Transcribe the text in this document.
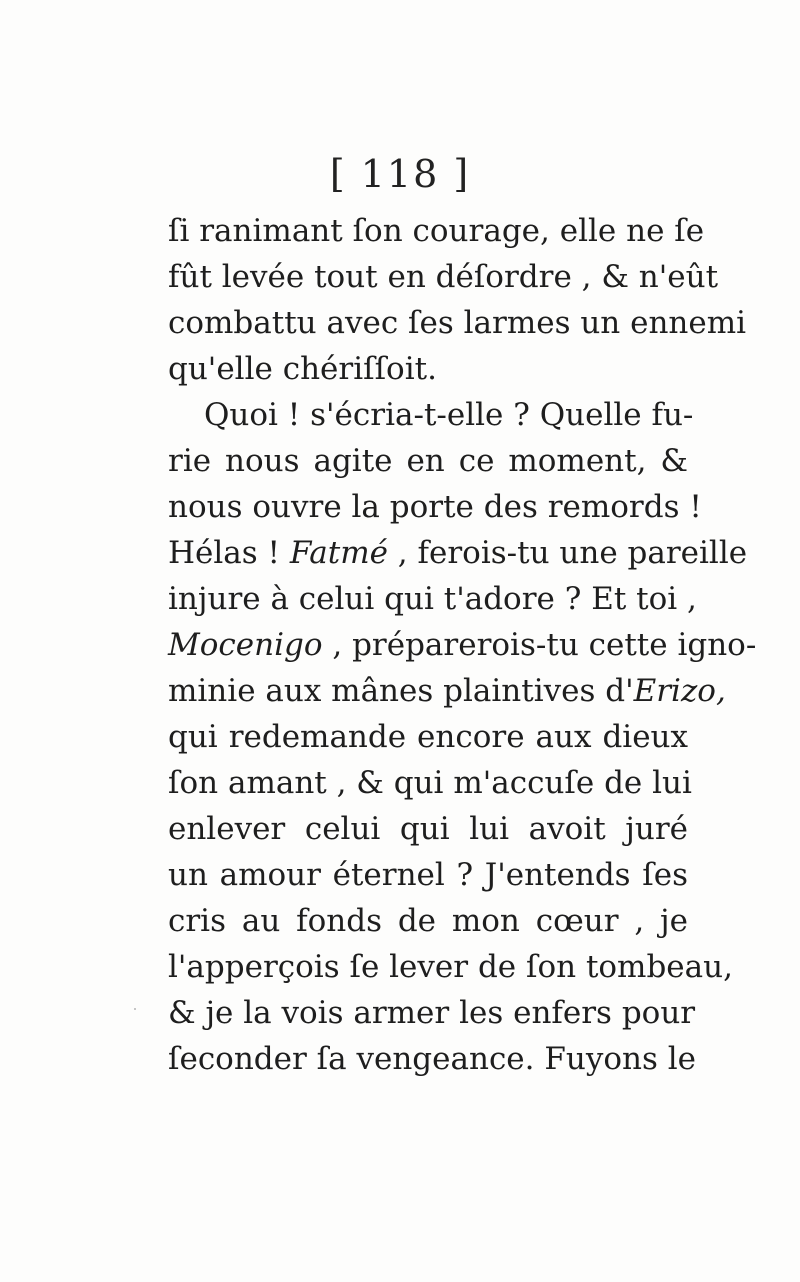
[ 118 ]
ſi ranimant ſon courage, elle ne ſe
fût levée tout en déſordre , & n'eût
combattu avec ſes larmes un ennemi
qu'elle chériſſoit.
Quoi ! s'écria-t-elle ? Quelle fu-
rie nous agite en ce moment, &
nous ouvre la porte des remords !
Hélas ! Fatmé , ferois-tu une pareille
injure à celui qui t'adore ? Et toi ,
Mocenigo , préparerois-tu cette igno-
minie aux mânes plaintives d'Erizo,
qui redemande encore aux dieux
ſon amant , & qui m'accuſe de lui
enlever celui qui lui avoit juré
un amour éternel ? J'entends ſes
cris au fonds de mon cœur , je
l'apperçois ſe lever de ſon tombeau,
& je la vois armer les enfers pour
ſeconder ſa vengeance. Fuyons le
